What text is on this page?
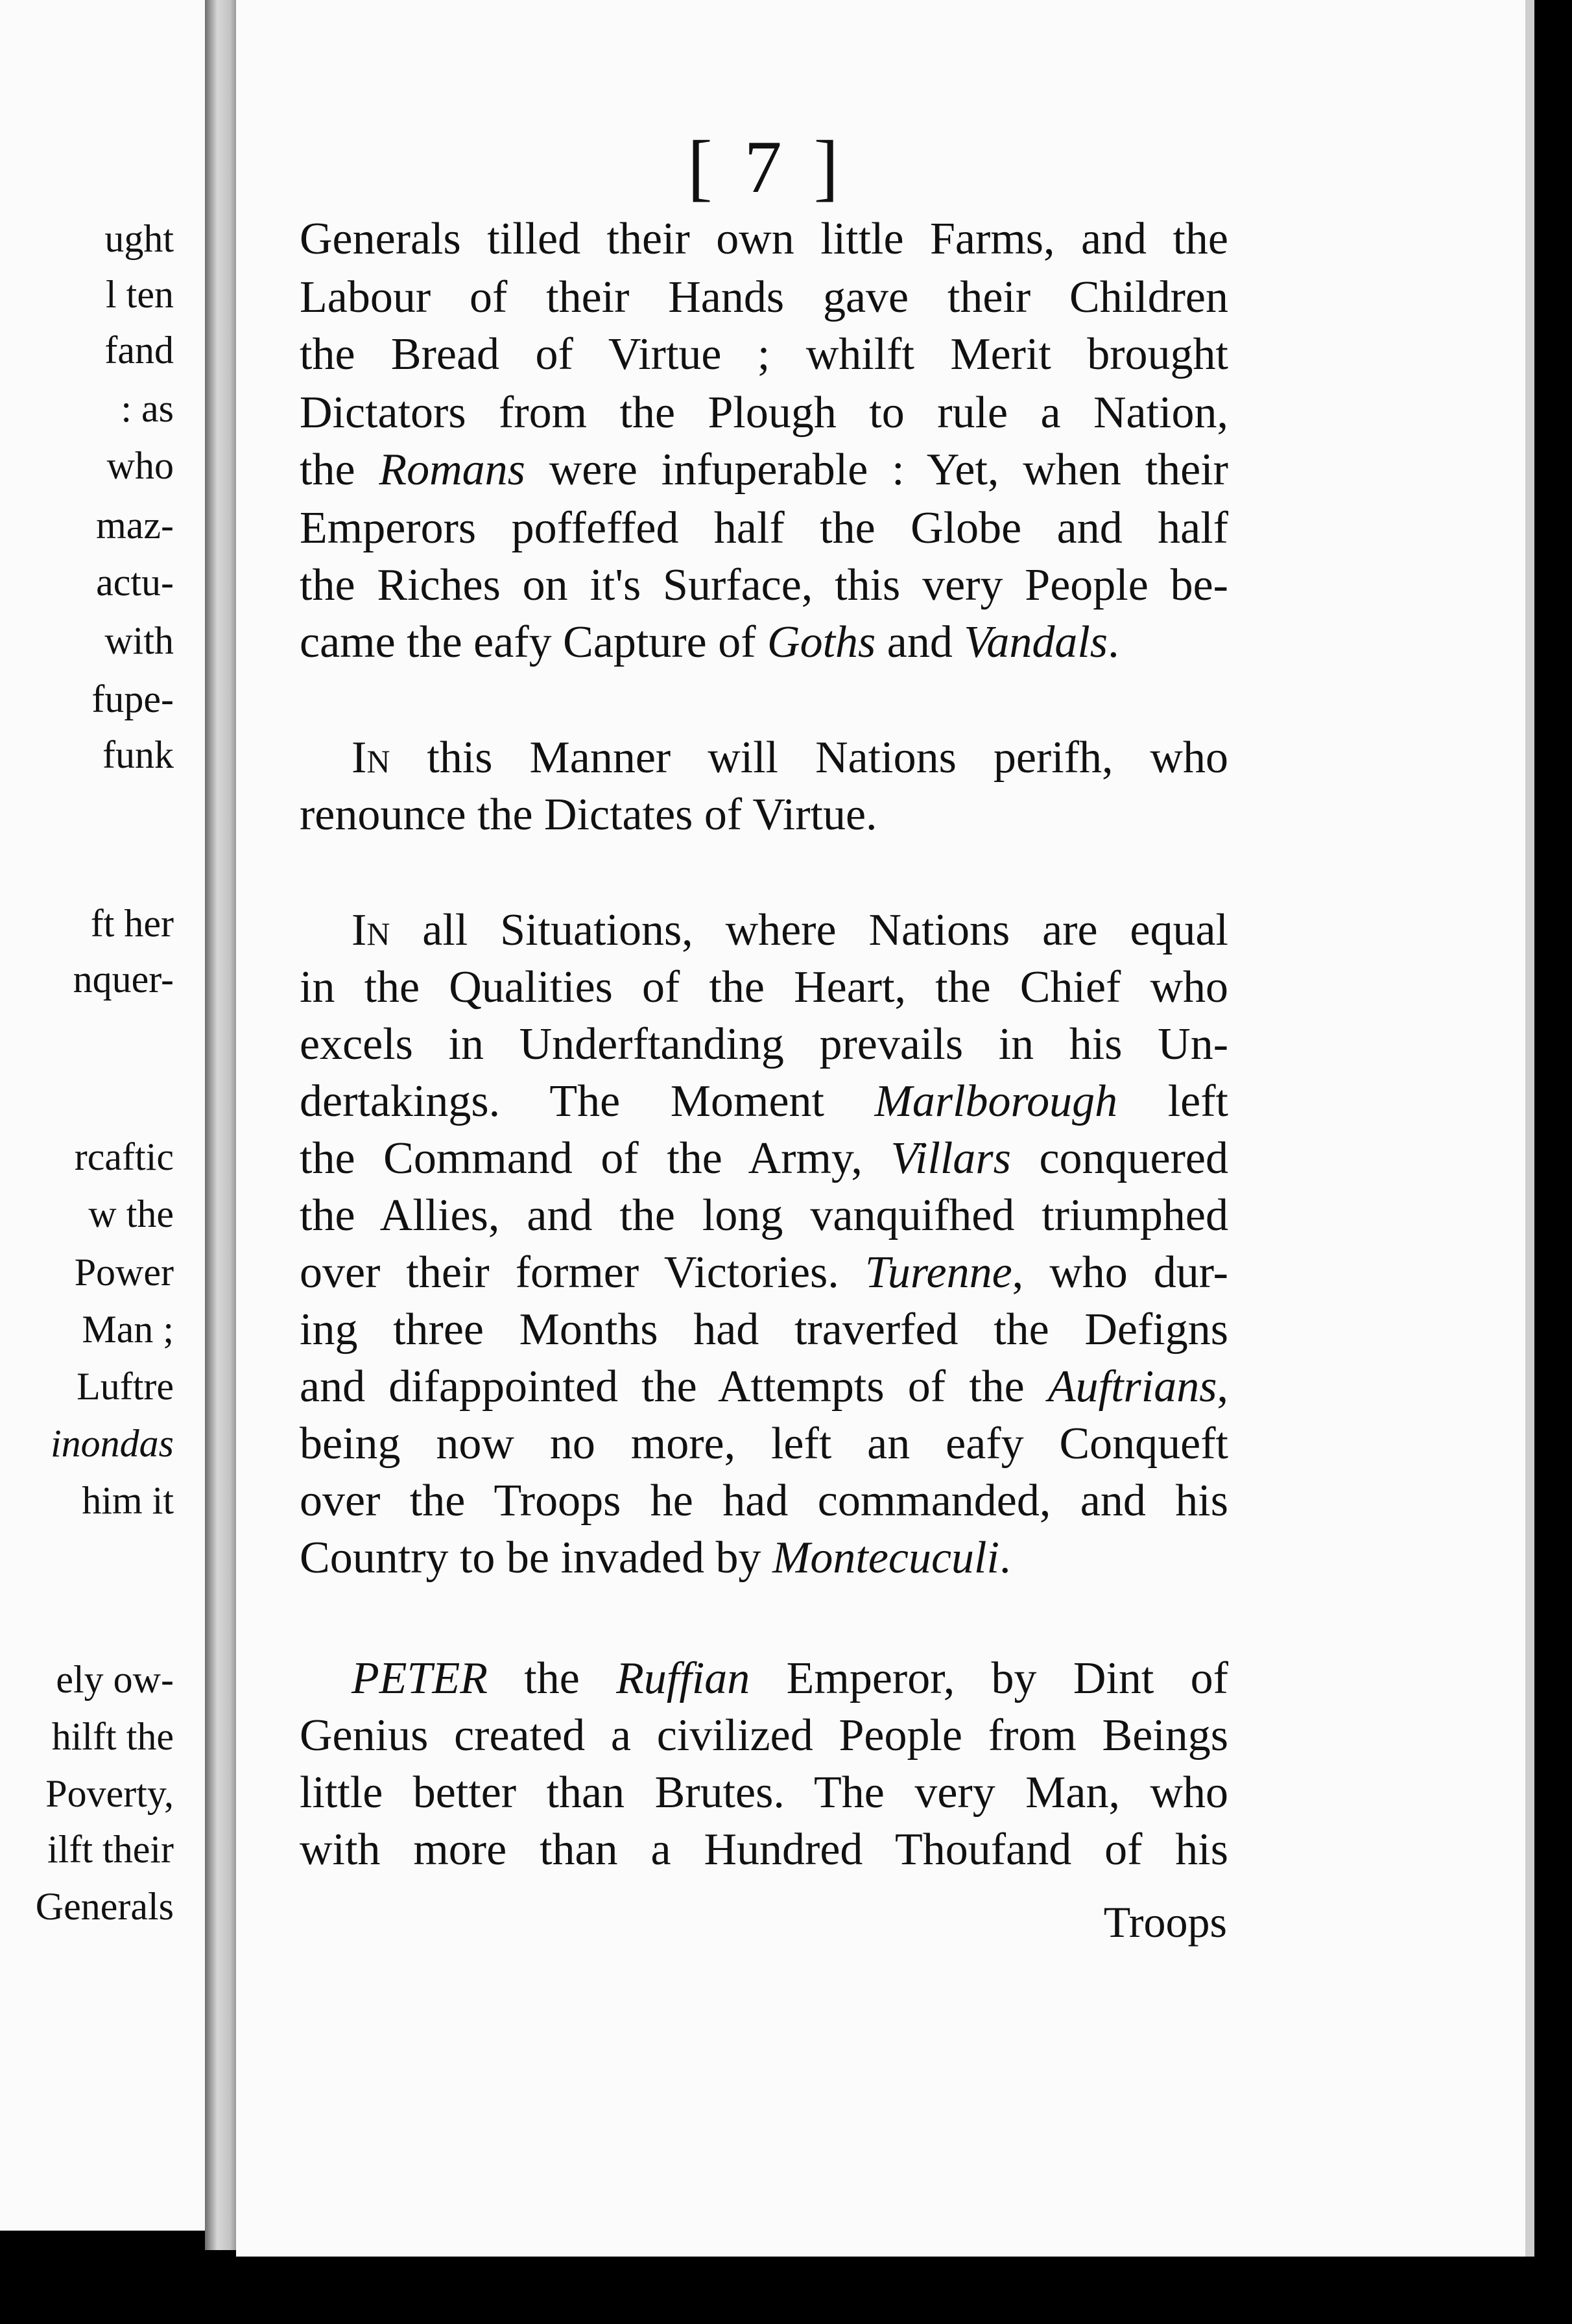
ught
l ten
fand
: as
who
maz-
actu-
with
fupe-
funk
ft her
nquer-
rcaftic
w the
Power
Man ;
Luftre
inondas
him it
ely ow-
hilft the
Poverty,
ilft their
Generals
[ 7 ]
Generals tilled their own little Farms, and the
Labour of their Hands gave their Children
the Bread of Virtue ; whilft Merit brought
Dictators from the Plough to rule a Nation,
the Romans were infuperable : Yet, when their
Emperors poffeffed half the Globe and half
the Riches on it's Surface, this very People be-
came the eafy Capture of Goths and Vandals.
IN this Manner will Nations perifh, who
renounce the Dictates of Virtue.
IN all Situations, where Nations are equal
in the Qualities of the Heart, the Chief who
excels in Underftanding prevails in his Un-
dertakings. The Moment Marlborough left
the Command of the Army, Villars conquered
the Allies, and the long vanquifhed triumphed
over their former Victories. Turenne, who dur-
ing three Months had traverfed the Defigns
and difappointed the Attempts of the Auftrians,
being now no more, left an eafy Conqueft
over the Troops he had commanded, and his
Country to be invaded by Montecuculi.
PETER the Ruffian Emperor, by Dint of
Genius created a civilized People from Beings
little better than Brutes. The very Man, who
with more than a Hundred Thoufand of his
Troops
